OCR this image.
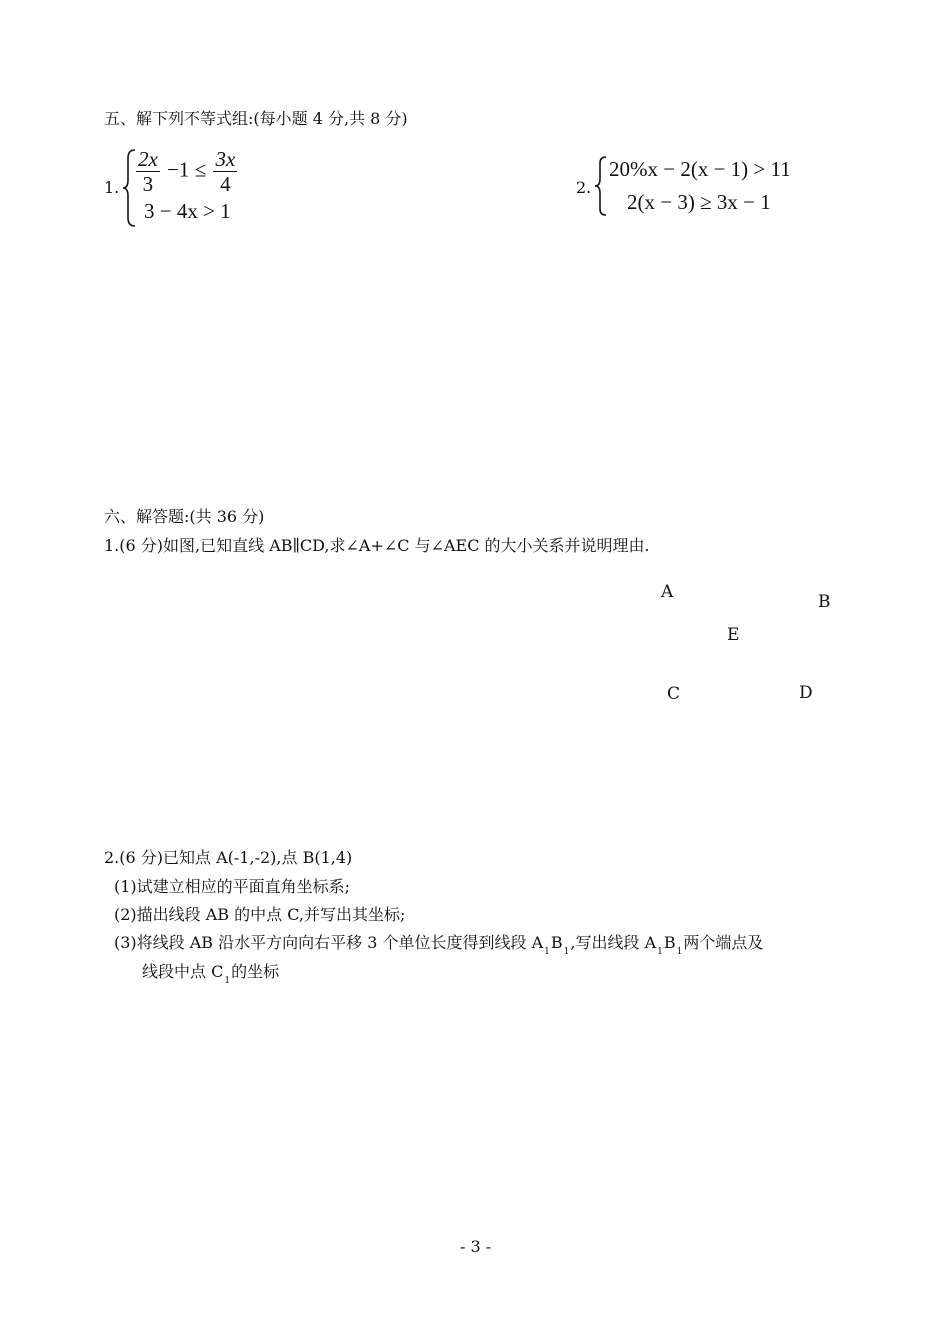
五、解下列不等式组:(每小题 4 分,共 8 分)
1. $\frac{2x}{3} -1 \le \frac{3x}{4}$
3 − 4x > 1
2.
20%x − 2(x − 1) > 11
2(x − 3) ≥ 3x − 1
六、解答题:(共 36 分)
1.(6 分)如图,已知直线 AB∥CD,求∠A+∠C 与∠AEC 的大小关系并说明理由.
A	B
E
C	D
2.(6 分)已知点 A(-1,-2),点 B(1,4)
(1)试建立相应的平面直角坐标系;
(2)描出线段 AB 的中点 C,并写出其坐标;
(3)将线段 AB 沿水平方向向右平移 3 个单位长度得到线段 $A_1B_1$,写出线段 $A_1B_1$两个端点及
线段中点 $C_1$的坐标
- 3 -
